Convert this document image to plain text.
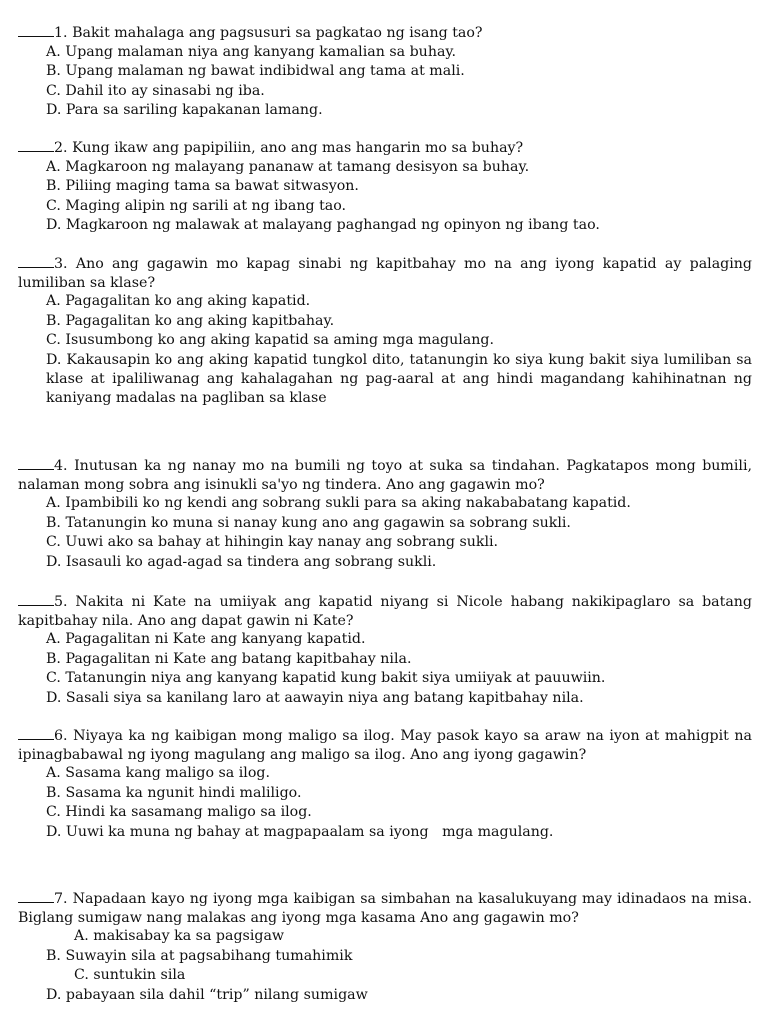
1. Bakit mahalaga ang pagsusuri sa pagkatao ng isang tao?

A. Upang malaman niya ang kanyang kamalian sa buhay.
B. Upang malaman ng bawat indibidwal ang tama at mali.
C. Dahil ito ay sinasabi ng iba.
D. Para sa sariling kapakanan lamang.

2. Kung ikaw ang papipiliin, ano ang mas hangarin mo sa buhay?

A. Magkaroon ng malayang pananaw at tamang desisyon sa buhay.
B. Piliing maging tama sa bawat sitwasyon.
C. Maging alipin ng sarili at ng ibang tao.
D. Magkaroon ng malawak at malayang paghangad ng opinyon ng ibang tao.

3. Ano ang gagawin mo kapag sinabi ng kapitbahay mo na ang iyong kapatid ay palaging lumiliban sa klase?

A. Pagagalitan ko ang aking kapatid.
B. Pagagalitan ko ang aking kapitbahay.
C. Isusumbong ko ang aking kapatid sa aming mga magulang.
D. Kakausapin ko ang aking kapatid tungkol dito, tatanungin ko siya kung bakit siya lumiliban sa klase at ipaliliwanag ang kahalagahan ng pag-aaral at ang hindi magandang kahihinatnan ng kaniyang madalas na pagliban sa klase

4. Inutusan ka ng nanay mo na bumili ng toyo at suka sa tindahan. Pagkatapos mong bumili, nalaman mong sobra ang isinukli sa'yo ng tindera. Ano ang gagawin mo?

A. Ipambibili ko ng kendi ang sobrang sukli para sa aking nakababatang kapatid.
B. Tatanungin ko muna si nanay kung ano ang gagawin sa sobrang sukli.
C. Uuwi ako sa bahay at hihingin kay nanay ang sobrang sukli.
D. Isasauli ko agad-agad sa tindera ang sobrang sukli.

5. Nakita ni Kate na umiiyak ang kapatid niyang si Nicole habang nakikipaglaro sa batang kapitbahay nila. Ano ang dapat gawin ni Kate?

A. Pagagalitan ni Kate ang kanyang kapatid.
B. Pagagalitan ni Kate ang batang kapitbahay nila.
C. Tatanungin niya ang kanyang kapatid kung bakit siya umiiyak at pauuwiin.
D. Sasali siya sa kanilang laro at aawayin niya ang batang kapitbahay nila.

6. Niyaya ka ng kaibigan mong maligo sa ilog. May pasok kayo sa araw na iyon at mahigpit na ipinagbabawal ng iyong magulang ang maligo sa ilog. Ano ang iyong gagawin?

A. Sasama kang maligo sa ilog.
B. Sasama ka ngunit hindi maliligo.
C. Hindi ka sasamang maligo sa ilog.
D. Uuwi ka muna ng bahay at magpapaalam sa iyong   mga magulang.

7. Napadaan kayo ng iyong mga kaibigan sa simbahan na kasalukuyang may idinadaos na misa. Biglang sumigaw nang malakas ang iyong mga kasama Ano ang gagawin mo?

A. makisabay ka sa pagsigaw
B. Suwayin sila at pagsabihang tumahimik
C. suntukin sila
D. pabayaan sila dahil “trip” nilang sumigaw
